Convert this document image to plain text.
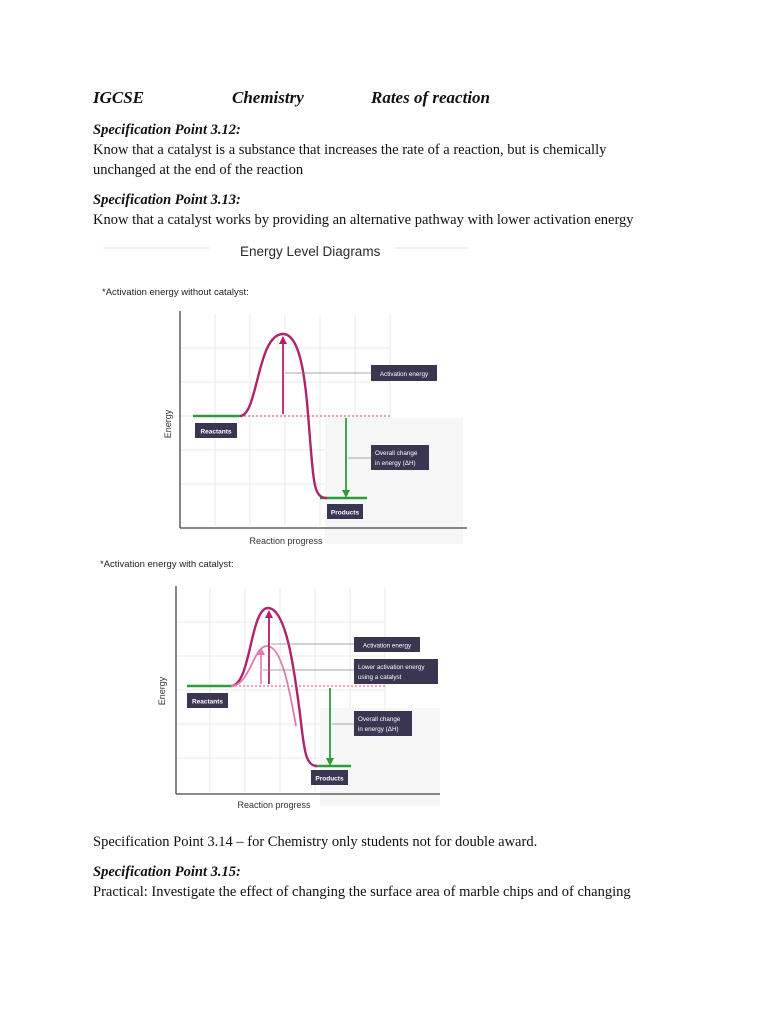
IGCSE	Chemistry	Rates of reaction
Specification Point 3.12:
Know that a catalyst is a substance that increases the rate of a reaction, but is chemically
unchanged at the end of the reaction
Specification Point 3.13:
Know that a catalyst works by providing an alternative pathway with lower activation energy
Energy Level Diagrams
*Activation energy without catalyst:
Energy
Reaction progress
Reactants
Products
Activation energy
Overall change
in energy (ΔH)
*Activation energy with catalyst:
Energy
Reaction progress
Reactants
Products
Activation energy
Lower activation energy
using a catalyst
Overall change
in energy (ΔH)
Specification Point 3.14 – for Chemistry only students not for double award.
Specification Point 3.15:
Practical: Investigate the effect of changing the surface area of marble chips and of changing
